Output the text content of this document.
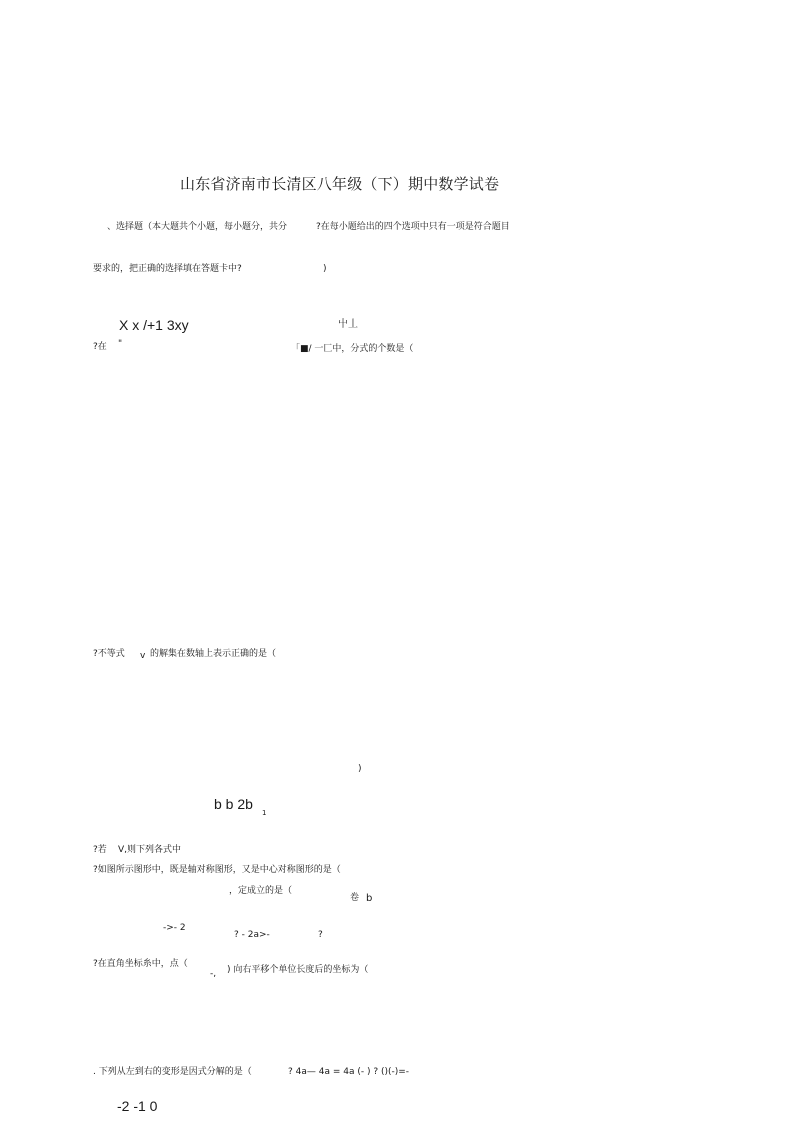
山东省济南市长清区八年级（下）期中数学试卷
、选择题（本大题共个小题，每小题分，共分	?在每小题给出的四个选项中只有一项是符合题目
要求的，把正确的选择填在答题卡中?	)
X x /+1 3xy	屮丄
?在 "	「■/ 一匚中，分式的个数是（
?不等式 v 的解集在数轴上表示正确的是（
)
b b 2b
1
?若 V,则下列各式中
?如图所示图形中，既是轴对称图形，又是中心对称图形的是（
，定成立的是（
卷 b
->- 2
? - 2a>-	?
?在直角坐标糸中，点（
-, ) 向右平移个单位长度后的坐标为（
. 下列从左到右的变形是因式分解的是（	? 4a— 4a = 4a (- ) ? ()(-)=-
-2 -1 0
